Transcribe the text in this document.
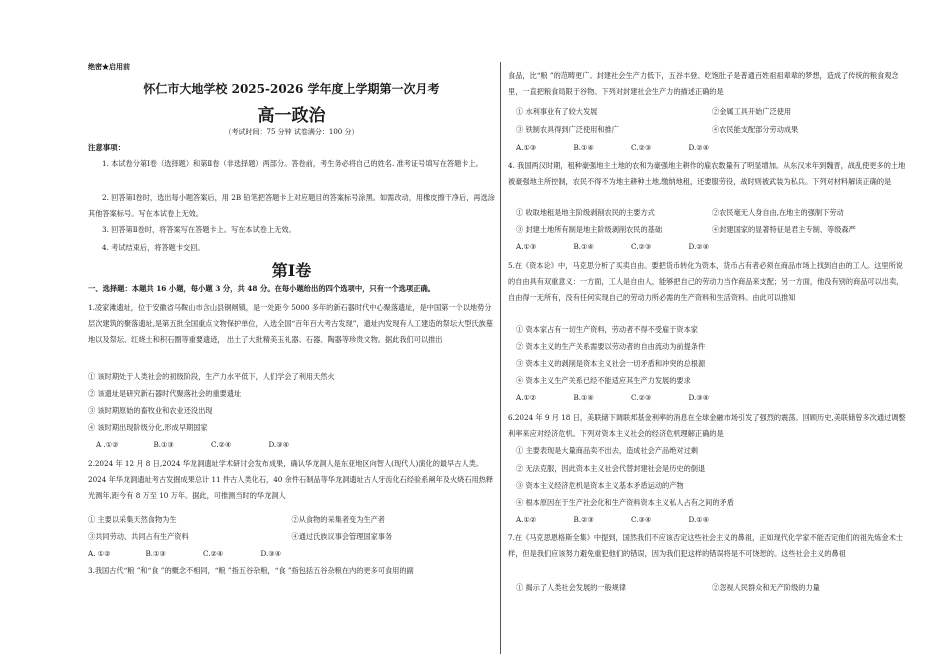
绝密★启用前
怀仁市大地学校 2025-2026 学年度上学期第一次月考
高一政治
（考试时间：75 分钟 试卷满分：100 分）
注意事项：
1. 本试卷分第Ⅰ卷（选择题）和第Ⅱ卷（非选择题）两部分。答卷前，考生务必将自己的姓名. 准考证号填写在答题卡上。
2. 回答第Ⅰ卷时，选出每小题答案后，用 2B 铅笔把答题卡上对应题目的答案标号涂黑。如需改动，用橡皮擦干净后，再选涂其他答案标号。写在本试卷上无效。
3. 回答第Ⅱ卷时，将答案写在答题卡上。写在本试卷上无效。
4. 考试结束后，将答题卡交回。
第Ⅰ卷
一、选择题：本题共 16 小题，每小题 3 分，共 48 分。在每小题给出的四个选项中，只有一个选项正确。
1.凌家滩遗址，位于安徽省马鞍山市含山县铜闸镇，是一处距今 5000 多年的新石器时代中心聚落遗址，是中国第一个以地势分层次建筑的聚落遗址,是第五批全国重点文物保护单位，入选全国“百年百大考古发现”，遗址内发现有人工建造的祭坛大型氏族墓地以及祭坛、红烧土和积石圈等重要遗迹， 出土了大批精美玉礼器、石器、陶器等珍贵文物。据此我们可以推出
① 该时期处于人类社会的初级阶段，生产力水平低下，人们学会了利用天然火
② 该遗址是研究新石器时代聚落社会的重要遗址
③ 该时期原始的畜牧业和农业还没出现
④ 该时期出现阶级分化,形成早期国家
A .①②	B.①③	C.②④	D.③④
2.2024 年 12 月 8 日,2024 华龙洞遗址学术研讨会发布成果，确认华龙洞人是东亚地区向智人(现代人)演化的最早古人类。2024 年华龙洞遗址考古发掘成果总计 11 件古人类化石，40 余件石制品等华龙洞遗址古人牙齿化石经验系阐年及火烧石用热释光测年,距今有 8 万至 10 万年。据此，可推测当时的华龙洞人
① 主要以采集天然食物为生	②从食物的采集者变为生产者
③共同劳动、共同占有生产资料	④通过氏族议事会管理国家事务
A. ①②	B.①③	C.②④	D.③④
3.我国古代“粮 ”和“食 ”的概念不相同，“粮 ”指五谷杂粮，“食 ”指包括五谷杂粮在内的更多可食用的副
食品，比“粮 ”的范畴更广。封建社会生产力低下，五谷丰登、吃饱肚子是普通百姓祖祖辈辈的梦想，造成了传统的粮食观念里，一直把粮食局限于谷物。下列对封建社会生产力的描述正确的是
① 水利事业有了较大发展	②金属工具开始广泛使用
③ 铁制农具得到广泛使用和推广	④农民能支配部分劳动成果
A.①③	B.①④	C.②③	D.②④
4. 我国两汉时期，租种豪强地主土地的农和为豪强地主耕作的雇农数量有了明显增加。从东汉末年到魏晋，战乱使更多的土地被豪强地主所控制，农民不得不为地主耕种土地,缴纳地租，还要服劳役，战时则被武装为私兵。下列对材料解读正确的是
① 收取地租是地主阶级剥削农民的主要方式	②农民毫无人身自由,在地主的强制下劳动
③ 封建土地所有制是地主阶级剥削农民的基础	④封建国家的显著特征是君主专制、等级森严
A.①③	B.①④	C.②③	D.②④
5.在《资本论》中，马克思分析了买卖自由。要把货币转化为资本，货币占有者必须在商品市场上找到自由的工人。这里所说的自由具有双重意义：一方面，工人是自由人，能够把自己的劳动力当作商品来支配；另一方面，他没有别的商品可以出卖，自由得一无所有，没有任何实现自己的劳动力所必需的生产资料和生活资料。由此可以推知
① 资本家占有一切生产资料，劳动者不得不受雇于资本家
② 资本主义的生产关系需要以劳动者的自由流动为前提条件
③ 资本主义的剥削是资本主义社会一切矛盾和冲突的总根源
④ 资本主义生产关系已经不能适应其生产力发展的要求
A.①②	B.①④	C.②③	D.③④
6.2024 年 9 月 18 日，美联储下调联邦基金利率的消息在全球金融市场引发了强烈的震荡。回顾历史,美联储曾多次通过调整利率来应对经济危机。下列对资本主义社会的经济危机理解正确的是
① 主要表现是大量商品卖不出去，造成社会产品绝对过剩
② 无法克服，因此资本主义社会代替封建社会是历史的倒退
③ 资本主义经济危机是资本主义基本矛盾运动的产物
④ 根本原因在于生产社会化和生产资料资本主义私人占有之间的矛盾
A.①②	B.②③	C.③④	D.①④
7.在《马克思恩格斯全集》中提到，国然我们不应该否定这些社会主义的鼻祖，正如现代化学家不能否定他们的祖先炼金术士样，但是我们应该努力避免重犯他们的错误，因为我们犯这样的错误将是不可饶恕的。这些社会主义的鼻祖
① 揭示了人类社会发展的一般规律	②忽视人民群众和无产阶级的力量
